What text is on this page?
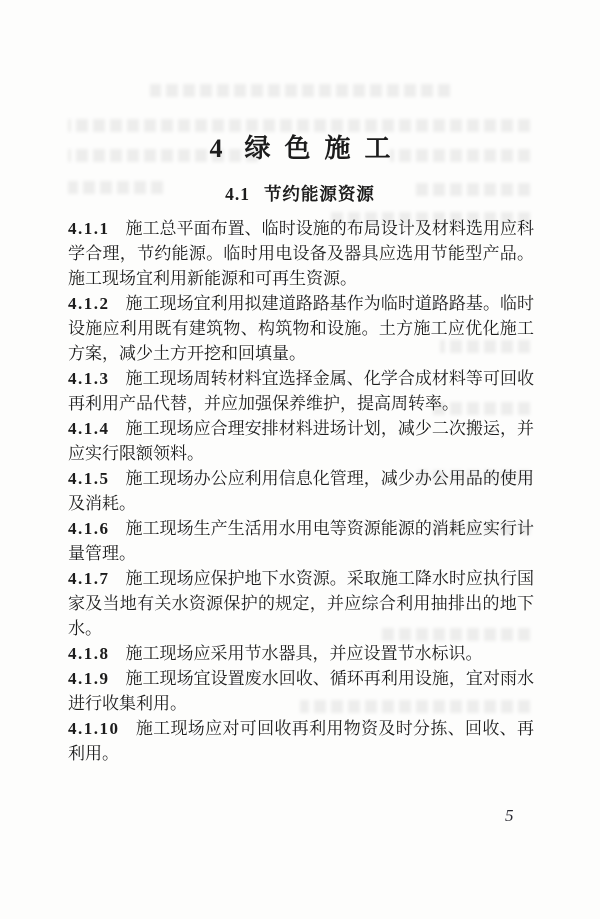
4 绿色施工
4.1 节约能源资源

4.1.1 施工总平面布置、临时设施的布局设计及材料选用应科学合理，节约能源。临时用电设备及器具应选用节能型产品。施工现场宜利用新能源和可再生资源。

4.1.2 施工现场宜利用拟建道路路基作为临时道路路基。临时设施应利用既有建筑物、构筑物和设施。土方施工应优化施工方案，减少土方开挖和回填量。

4.1.3 施工现场周转材料宜选择金属、化学合成材料等可回收再利用产品代替，并应加强保养维护，提高周转率。

4.1.4 施工现场应合理安排材料进场计划，减少二次搬运，并应实行限额领料。

4.1.5 施工现场办公应利用信息化管理，减少办公用品的使用及消耗。

4.1.6 施工现场生产生活用水用电等资源能源的消耗应实行计量管理。

4.1.7 施工现场应保护地下水资源。采取施工降水时应执行国家及当地有关水资源保护的规定，并应综合利用抽排出的地下水。

4.1.8 施工现场应采用节水器具，并应设置节水标识。

4.1.9 施工现场宜设置废水回收、循环再利用设施，宜对雨水进行收集利用。

4.1.10 施工现场应对可回收再利用物资及时分拣、回收、再利用。

5
